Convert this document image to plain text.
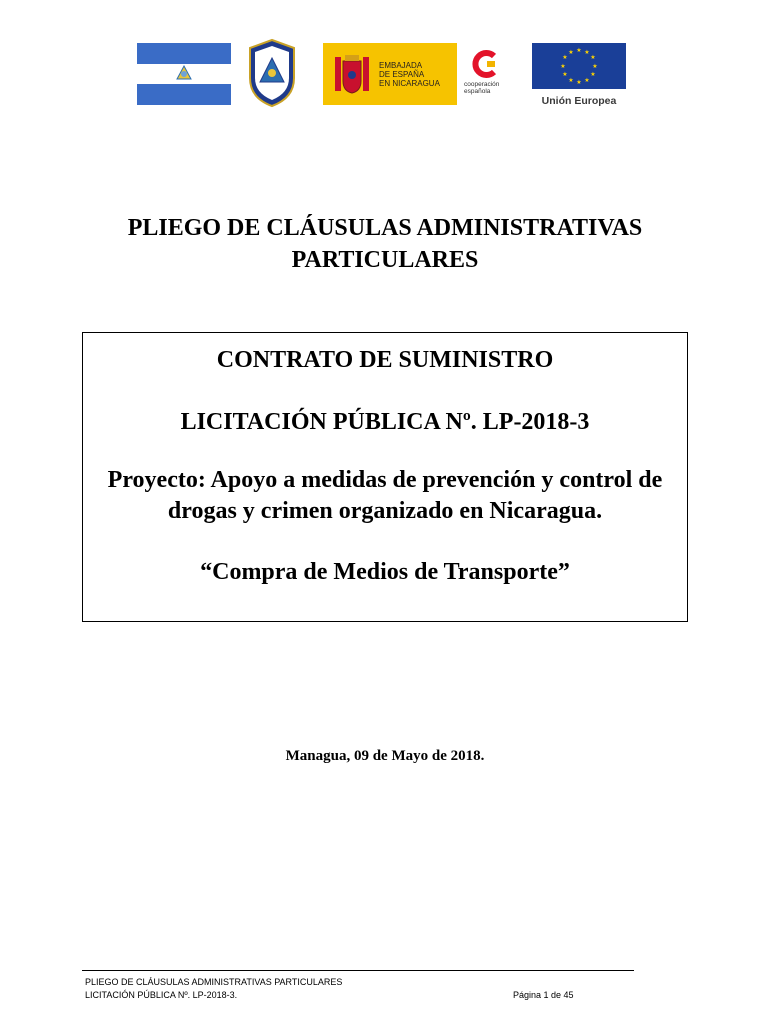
EMBAJADA
DE ESPAÑA
EN NICARAGUA	cooperación
española
★ ★
★
★
★
★
★
★
★
★
★
★
Unión Europea
PLIEGO DE CLÁUSULAS ADMINISTRATIVAS
PARTICULARES

CONTRATO DE SUMINISTRO

LICITACIÓN PÚBLICA Nº. LP-2018-3

Proyecto: Apoyo a medidas de prevención y control de
drogas y crimen organizado en Nicaragua.

“Compra de Medios de Transporte”

Managua, 09 de Mayo de 2018.
PLIEGO DE CLÁUSULAS ADMINISTRATIVAS PARTICULARES
LICITACIÓN PÚBLICA Nº. LP-2018-3.	Página 1 de 45
